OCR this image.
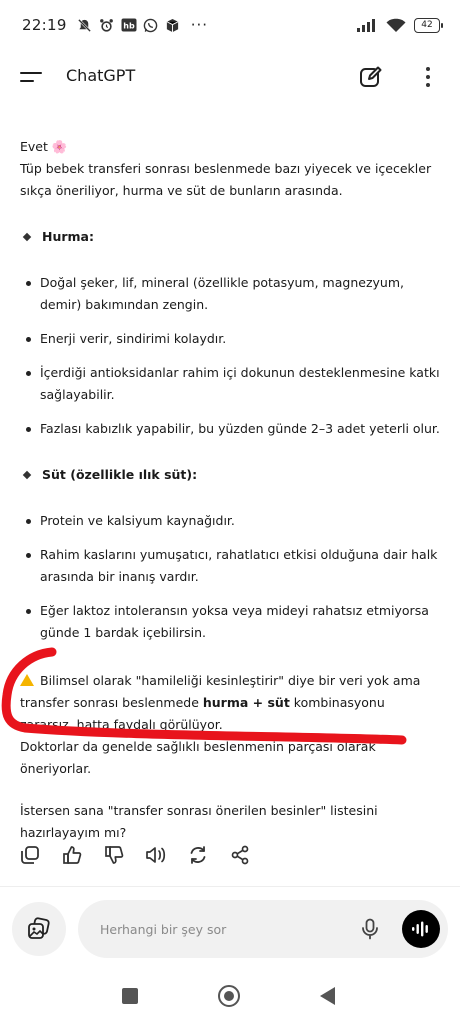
22:19	hb	···	42
ChatGPT

Evet 🌸

Tüp bebek transferi sonrası beslenmede bazı yiyecek ve içecekler sıkça öneriliyor, hurma ve süt de bunların arasında.

Hurma:
Doğal şeker, lif, mineral (özellikle potasyum, magnezyum, demir) bakımından zengin.
Enerji verir, sindirimi kolaydır.
İçerdiği antioksidanlar rahim içi dokunun desteklenmesine katkı sağlayabilir.
Fazlası kabızlık yapabilir, bu yüzden günde 2–3 adet yeterli olur.
Süt (özellikle ılık süt):
Protein ve kalsiyum kaynağıdır.
Rahim kaslarını yumuşatıcı, rahatlatıcı etkisi olduğuna dair halk arasında bir inanış vardır.
Eğer laktoz intoleransın yoksa veya mideyi rahatsız etmiyorsa günde 1 bardak içebilirsin.

Bilimsel olarak "hamileliği kesinleştirir" diye bir veri yok ama transfer sonrası beslenmede hurma + süt kombinasyonu zararsız, hatta faydalı görülüyor.

Doktorlar da genelde sağlıklı beslenmenin parçası olarak öneriyorlar.

İstersen sana "transfer sonrası önerilen besinler" listesini hazırlayayım mı?

Herhangi bir şey sor
